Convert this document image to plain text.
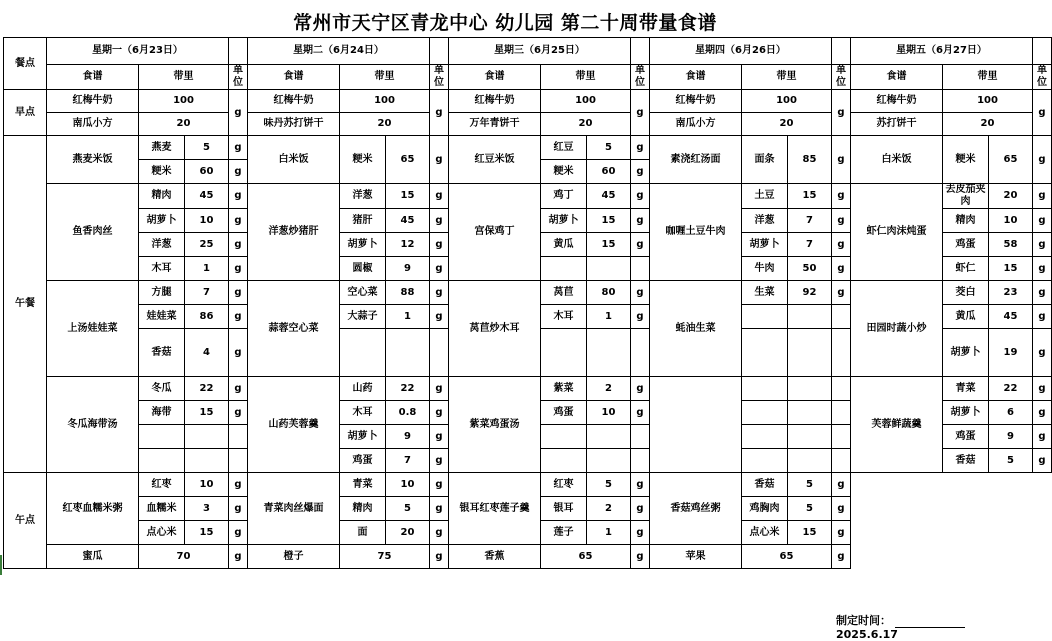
常州市天宁区青龙中心 幼儿园 第二十周带量食谱
餐点	星期一（6月23日）				星期二（6月24日）				星期三（6月25日）				星期四（6月26日）				星期五（6月27日）			
	食谱	带里		单位	食谱	带里		单位	食谱	带里		单位	食谱	带里		单位	食谱	带里		单位
早点	红梅牛奶	100		g	红梅牛奶	100		g	红梅牛奶	100		g	红梅牛奶	100		g	红梅牛奶	100		g
	南瓜小方	20			味丹苏打饼干	20			万年青饼干	20			南瓜小方	20			苏打饼干	20		
午餐	燕麦米饭	燕麦	5	g	白米饭	粳米	65	g	红豆米饭	红豆	5	g	素浇红汤面	面条	85	g	白米饭	粳米	65	g
		粳米	60	g						粳米	60	g								
	鱼香肉丝	精肉	45	g	洋葱炒猪肝	洋葱	15	g	宫保鸡丁	鸡丁	45	g	咖喱土豆牛肉	土豆	15	g	虾仁肉沫炖蛋	去皮茄夹肉	20	g
		胡萝卜	10	g		猪肝	45	g		胡萝卜	15	g		洋葱	7	g		精肉	10	g
		洋葱	25	g		胡萝卜	12	g		黄瓜	15	g		胡萝卜	7	g		鸡蛋	58	g
		木耳	1	g		圆椒	9	g						牛肉	50	g		虾仁	15	g
	上汤娃娃菜	方腿	7	g	蒜蓉空心菜	空心菜	88	g	莴苣炒木耳	莴苣	80	g	蚝油生菜	生菜	92	g	田园时蔬小炒	茭白	23	g
		娃娃菜	86	g		大蒜子	1	g		木耳	1	g						黄瓜	45	g
		香菇	4	g														胡萝卜	19	g

	冬瓜海带汤	冬瓜	22	g	山药芙蓉羹	山药	22	g	紫菜鸡蛋汤	紫菜	2	g					芙蓉鲜蔬羹	青菜	22	g
		海带	15	g		木耳	0.8	g		鸡蛋	10	g						胡萝卜	6	g
						胡萝卜	9	g										鸡蛋	9	g
						鸡蛋	7	g										香菇	5	g
午点	红枣血糯米粥	红枣	10	g	青菜肉丝爆面	青菜	10	g	银耳红枣莲子羹	红枣	5	g	香菇鸡丝粥	香菇	5	g				
		血糯米	3	g		精肉	5	g		银耳	2	g		鸡胸肉	5	g				
		点心米	15	g		面	20	g		莲子	1	g		点心米	15	g				
	蜜瓜	70		g	橙子	75		g	香蕉	65		g	苹果	65		g				

制定时间：2025.6.17
